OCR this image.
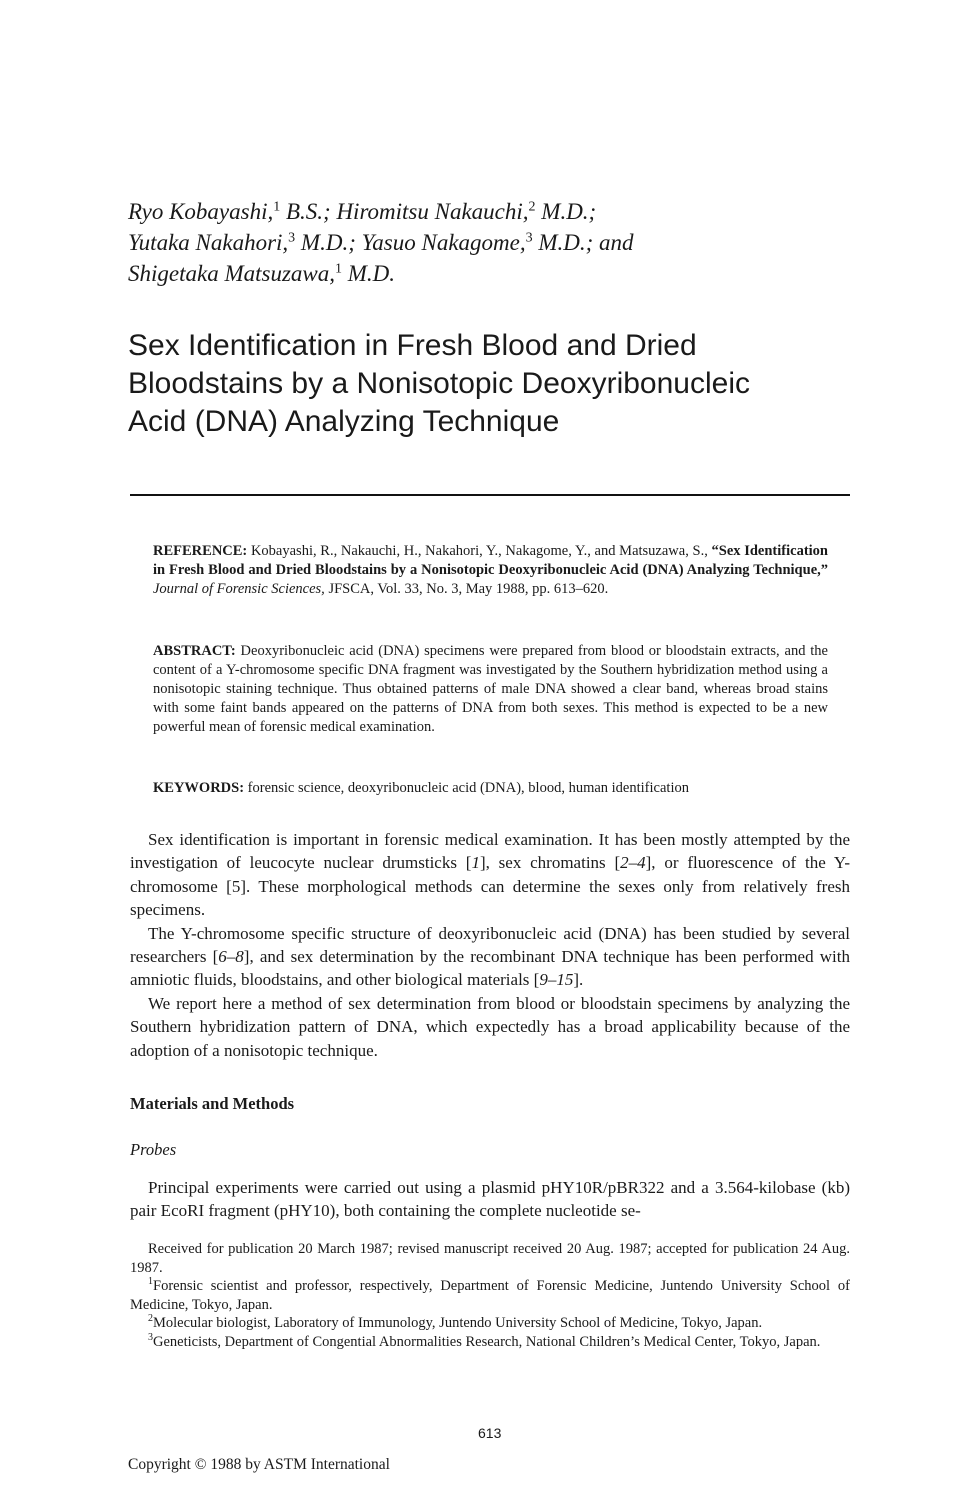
Ryo Kobayashi,$^1$ B.S.; Hiromitsu Nakauchi,$^2$ M.D.;
Yutaka Nakahori,$^3$ M.D.; Yasuo Nakagome,$^3$ M.D.; and
Shigetaka Matsuzawa,$^1$ M.D.
Sex Identification in Fresh Blood and Dried
Bloodstains by a Nonisotopic Deoxyribonucleic
Acid (DNA) Analyzing Technique
REFERENCE: Kobayashi, R., Nakauchi, H., Nakahori, Y., Nakagome, Y., and Matsuzawa, S., “Sex Identification in Fresh Blood and Dried Bloodstains by a Nonisotopic Deoxyribonucleic Acid (DNA) Analyzing Technique,” Journal of Forensic Sciences, JFSCA, Vol. 33, No. 3, May 1988, pp. 613–620.
ABSTRACT: Deoxyribonucleic acid (DNA) specimens were prepared from blood or bloodstain extracts, and the content of a Y-chromosome specific DNA fragment was investigated by the Southern hybridization method using a nonisotopic staining technique. Thus obtained patterns of male DNA showed a clear band, whereas broad stains with some faint bands appeared on the patterns of DNA from both sexes. This method is expected to be a new powerful mean of forensic medical examination.
KEYWORDS: forensic science, deoxyribonucleic acid (DNA), blood, human identification

Sex identification is important in forensic medical examination. It has been mostly attempted by the investigation of leucocyte nuclear drumsticks [1], sex chromatins [2–4], or fluorescence of the Y-chromosome [5]. These morphological methods can determine the sexes only from relatively fresh specimens.

The Y-chromosome specific structure of deoxyribonucleic acid (DNA) has been studied by several researchers [6–8], and sex determination by the recombinant DNA technique has been performed with amniotic fluids, bloodstains, and other biological materials [9–15].

We report here a method of sex determination from blood or bloodstain specimens by analyzing the Southern hybridization pattern of DNA, which expectedly has a broad applicability because of the adoption of a nonisotopic technique.

Materials and Methods
Probes

Principal experiments were carried out using a plasmid pHY10R/pBR322 and a 3.564-kilobase (kb) pair EcoRI fragment (pHY10), both containing the complete nucleotide se-

Received for publication 20 March 1987; revised manuscript received 20 Aug. 1987; accepted for publication 24 Aug. 1987.

$^1$Forensic scientist and professor, respectively, Department of Forensic Medicine, Juntendo University School of Medicine, Tokyo, Japan.

$^2$Molecular biologist, Laboratory of Immunology, Juntendo University School of Medicine, Tokyo, Japan.

$^3$Geneticists, Department of Congential Abnormalities Research, National Children’s Medical Center, Tokyo, Japan.

613
Copyright © 1988 by ASTM International
